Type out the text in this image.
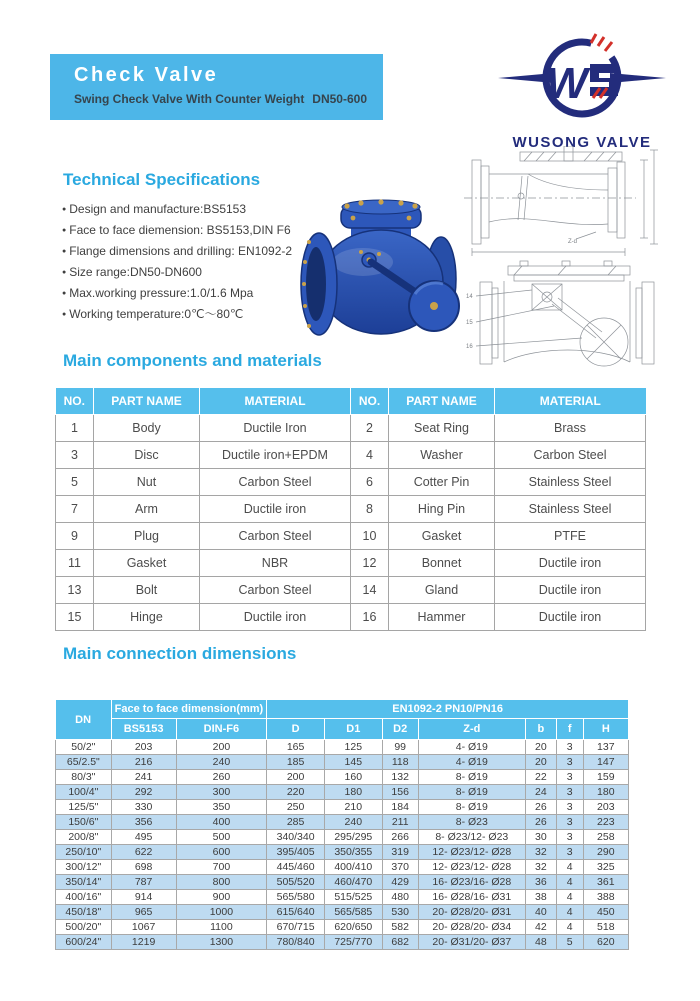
Check Valve
Swing Check Valve With Counter Weight DN50-600	W
WUSONG VALVE
Technical Specifications
● Design and manufacture:BS5153
● Face to face diemension: BS5153,DIN F6
● Flange dimensions and drilling: EN1092-2
● Size range:DN50-DN600
● Max.working pressure:1.0/1.6 Mpa
● Working temperature:0℃～80℃
Z-d
14
15
16
Main components and materials
NO.	PART NAME	MATERIAL	NO.	PART NAME	MATERIAL
1	Body	Ductile Iron	2	Seat Ring	Brass
3	Disc	Ductile iron+EPDM	4	Washer	Carbon Steel
5	Nut	Carbon Steel	6	Cotter Pin	Stainless Steel
7	Arm	Ductile iron	8	Hing Pin	Stainless Steel
9	Plug	Carbon Steel	10	Gasket	PTFE
11	Gasket	NBR	12	Bonnet	Ductile iron
13	Bolt	Carbon Steel	14	Gland	Ductile iron
15	Hinge	Ductile iron	16	Hammer	Ductile iron
Main connection dimensions
DN	Face to face dimension(mm)		EN1092-2 PN10/PN16						
	BS5153	DIN-F6	D	D1	D2	Z-d	b	f	H
50/2"	203	200	165	125	99	4- Ø19	20	3	137
65/2.5"	216	240	185	145	118	4- Ø19	20	3	147
80/3"	241	260	200	160	132	8- Ø19	22	3	159
100/4"	292	300	220	180	156	8- Ø19	24	3	180
125/5"	330	350	250	210	184	8- Ø19	26	3	203
150/6"	356	400	285	240	211	8- Ø23	26	3	223
200/8"	495	500	340/340	295/295	266	8- Ø23/12- Ø23	30	3	258
250/10"	622	600	395/405	350/355	319	12- Ø23/12- Ø28	32	3	290
300/12"	698	700	445/460	400/410	370	12- Ø23/12- Ø28	32	4	325
350/14"	787	800	505/520	460/470	429	16- Ø23/16- Ø28	36	4	361
400/16"	914	900	565/580	515/525	480	16- Ø28/16- Ø31	38	4	388
450/18"	965	1000	615/640	565/585	530	20- Ø28/20- Ø31	40	4	450
500/20"	1067	1100	670/715	620/650	582	20- Ø28/20- Ø34	42	4	518
600/24"	1219	1300	780/840	725/770	682	20- Ø31/20- Ø37	48	5	620
